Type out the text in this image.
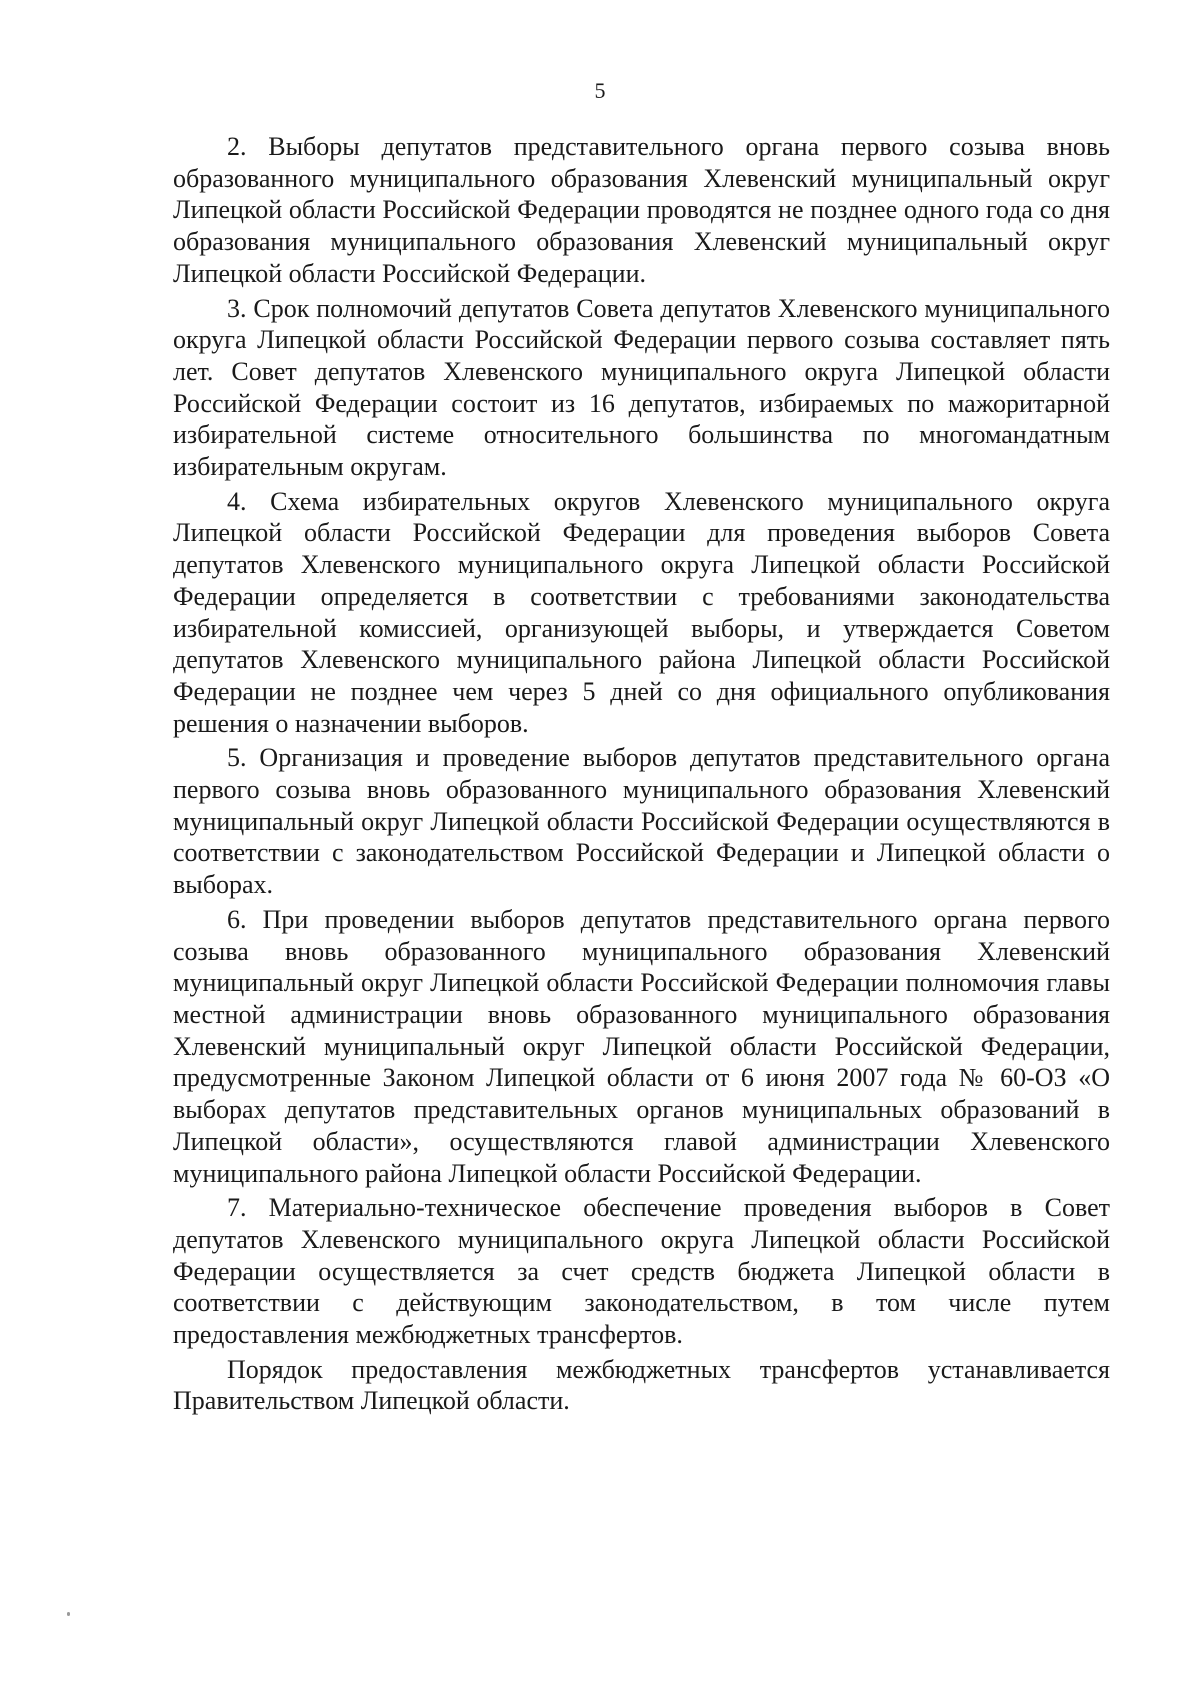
5

2. Выборы депутатов представительного органа первого созыва вновь образованного муниципального образования Хлевенский муниципальный округ Липецкой области Российской Федерации проводятся не позднее одного года со дня образования муниципального образования Хлевенский муниципальный округ Липецкой области Российской Федерации.

3. Срок полномочий депутатов Совета депутатов Хлевенского муниципального округа Липецкой области Российской Федерации первого созыва составляет пять лет. Совет депутатов Хлевенского муниципального округа Липецкой области Российской Федерации состоит из 16 депутатов, избираемых по мажоритарной избирательной системе относительного большинства по многомандатным избирательным округам.

4. Схема избирательных округов Хлевенского муниципального округа Липецкой области Российской Федерации для проведения выборов Совета депутатов Хлевенского муниципального округа Липецкой области Российской Федерации определяется в соответствии с требованиями законодательства избирательной комиссией, организующей выборы, и утверждается Советом депутатов Хлевенского муниципального района Липецкой области Российской Федерации не позднее чем через 5 дней со дня официального опубликования решения о назначении выборов.

5. Организация и проведение выборов депутатов представительного органа первого созыва вновь образованного муниципального образования Хлевенский муниципальный округ Липецкой области Российской Федерации осуществляются в соответствии с законодательством Российской Федерации и Липецкой области о выборах.

6. При проведении выборов депутатов представительного органа первого созыва вновь образованного муниципального образования Хлевенский муниципальный округ Липецкой области Российской Федерации полномочия главы местной администрации вновь образованного муниципального образования Хлевенский муниципальный округ Липецкой области Российской Федерации, предусмотренные Законом Липецкой области от 6 июня 2007 года № 60-ОЗ «О выборах депутатов представительных органов муниципальных образований в Липецкой области», осуществляются главой администрации Хлевенского муниципального района Липецкой области Российской Федерации.

7. Материально-техническое обеспечение проведения выборов в Совет депутатов Хлевенского муниципального округа Липецкой области Российской Федерации осуществляется за счет средств бюджета Липецкой области в соответствии с действующим законодательством, в том числе путем предоставления межбюджетных трансфертов.

Порядок предоставления межбюджетных трансфертов устанавливается Правительством Липецкой области.
